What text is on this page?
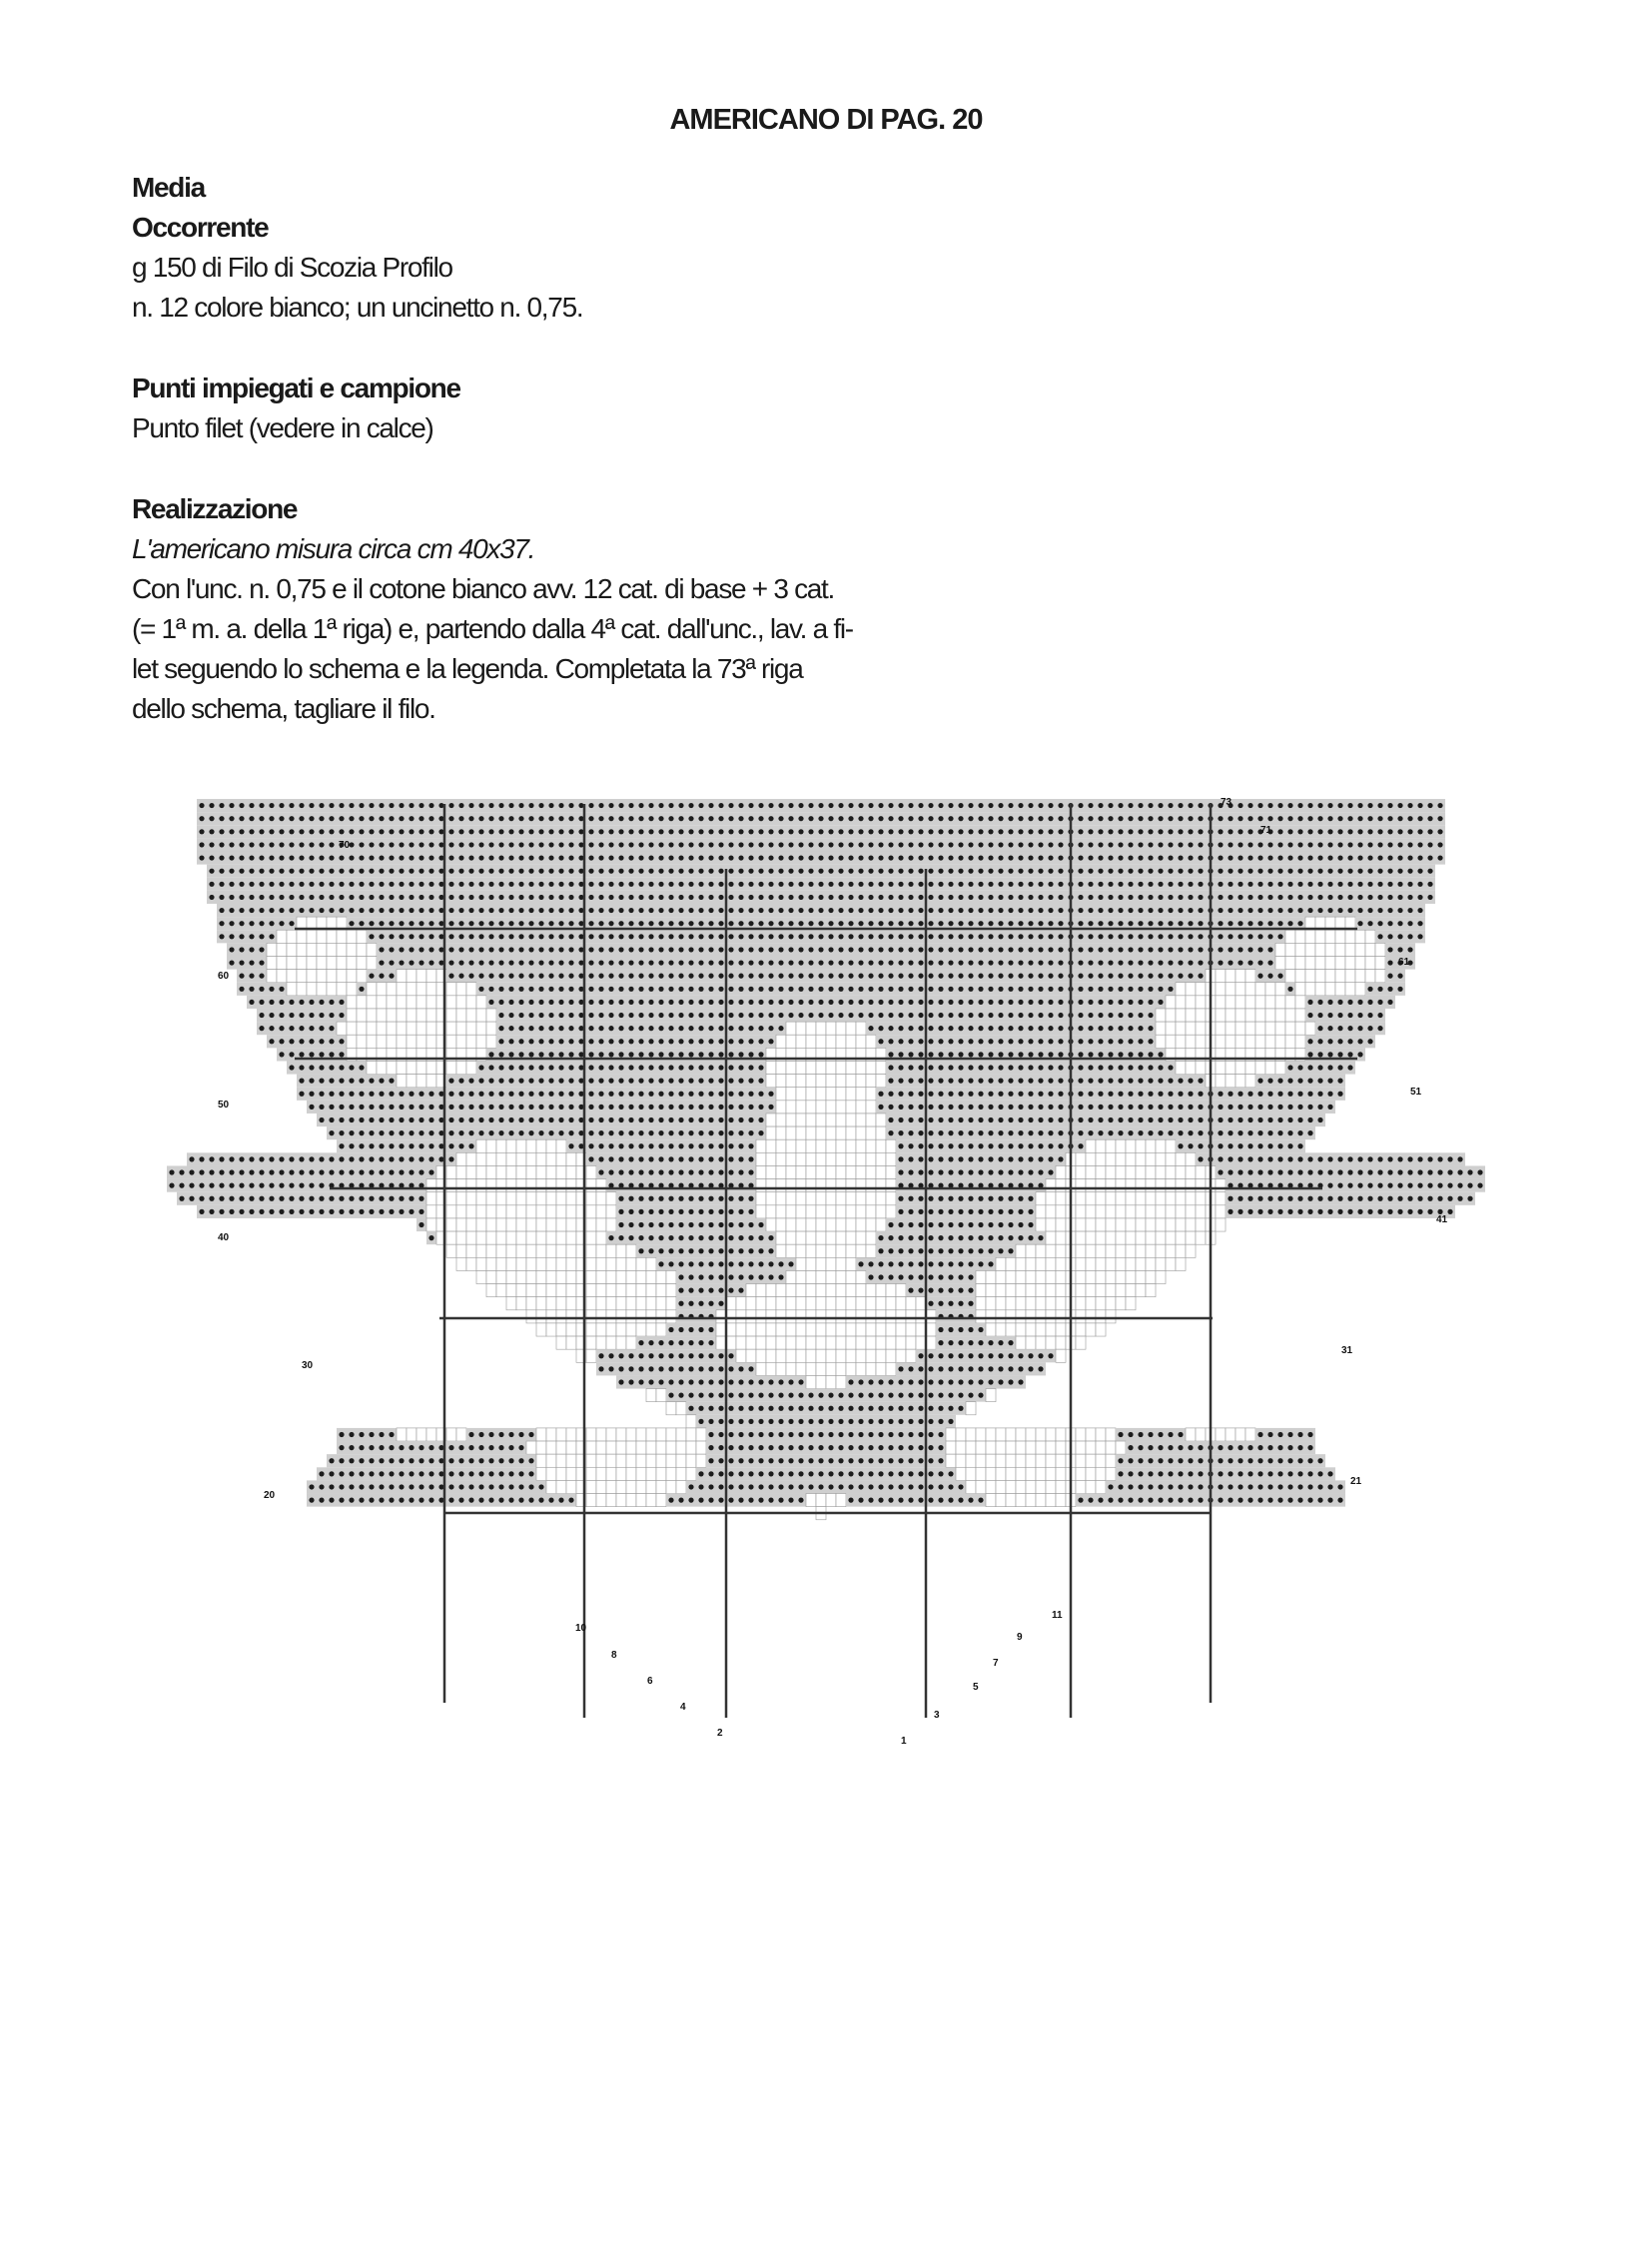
AMERICANO DI PAG. 20
Media
Occorrente
g 150 di Filo di Scozia Profilo
n. 12 colore bianco; un uncinetto n. 0,75.
Punti impiegati e campione
Punto filet (vedere in calce)
Realizzazione
L'americano misura circa cm 40x37.
Con l'unc. n. 0,75 e il cotone bianco avv. 12 cat. di base + 3 cat.
(= 1ª m. a. della 1ª riga) e, partendo dalla 4ª cat. dall'unc., lav. a fi-
let seguendo lo schema e la legenda. Completata la 73ª riga
dello schema, tagliare il filo.
70
60
50
40
30
20
10
8
6
4
2
73
71
61
51
41
31
21
11
9
7
5
3
1
